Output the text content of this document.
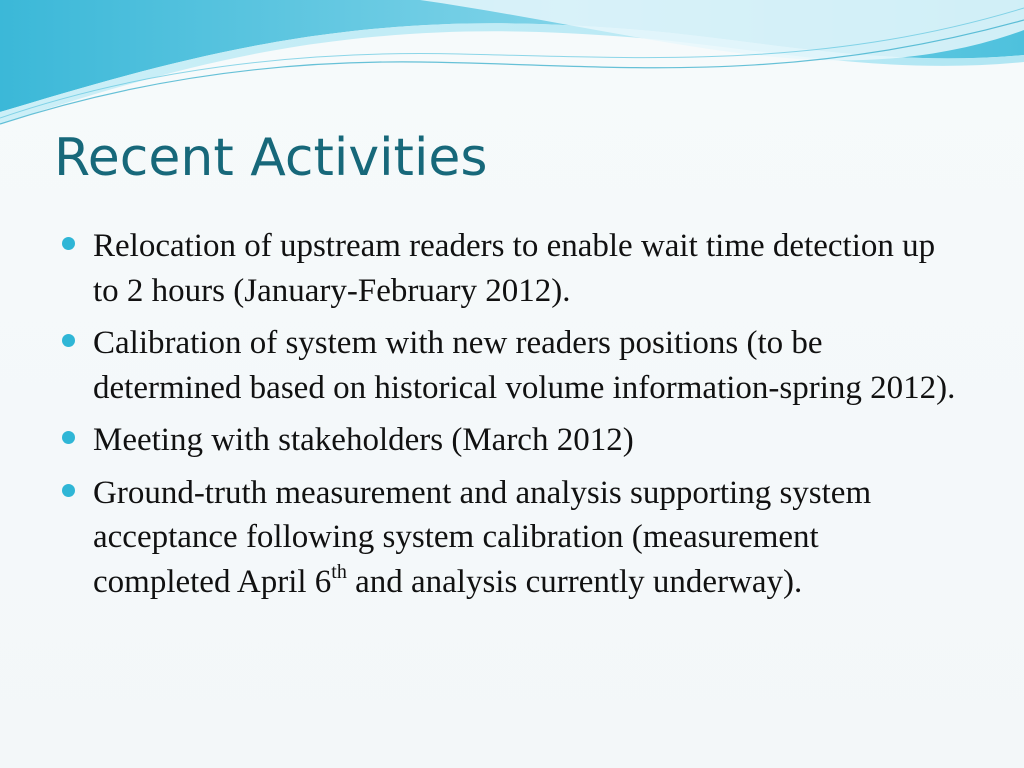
Recent Activities
Relocation of upstream readers to enable wait time detection up to 2 hours (January-February 2012).
Calibration of system with new readers positions (to be determined based on historical volume information-spring 2012).
Meeting with stakeholders (March 2012)
Ground-truth measurement and analysis supporting system acceptance following system calibration (measurement completed April 6th and analysis currently underway).
